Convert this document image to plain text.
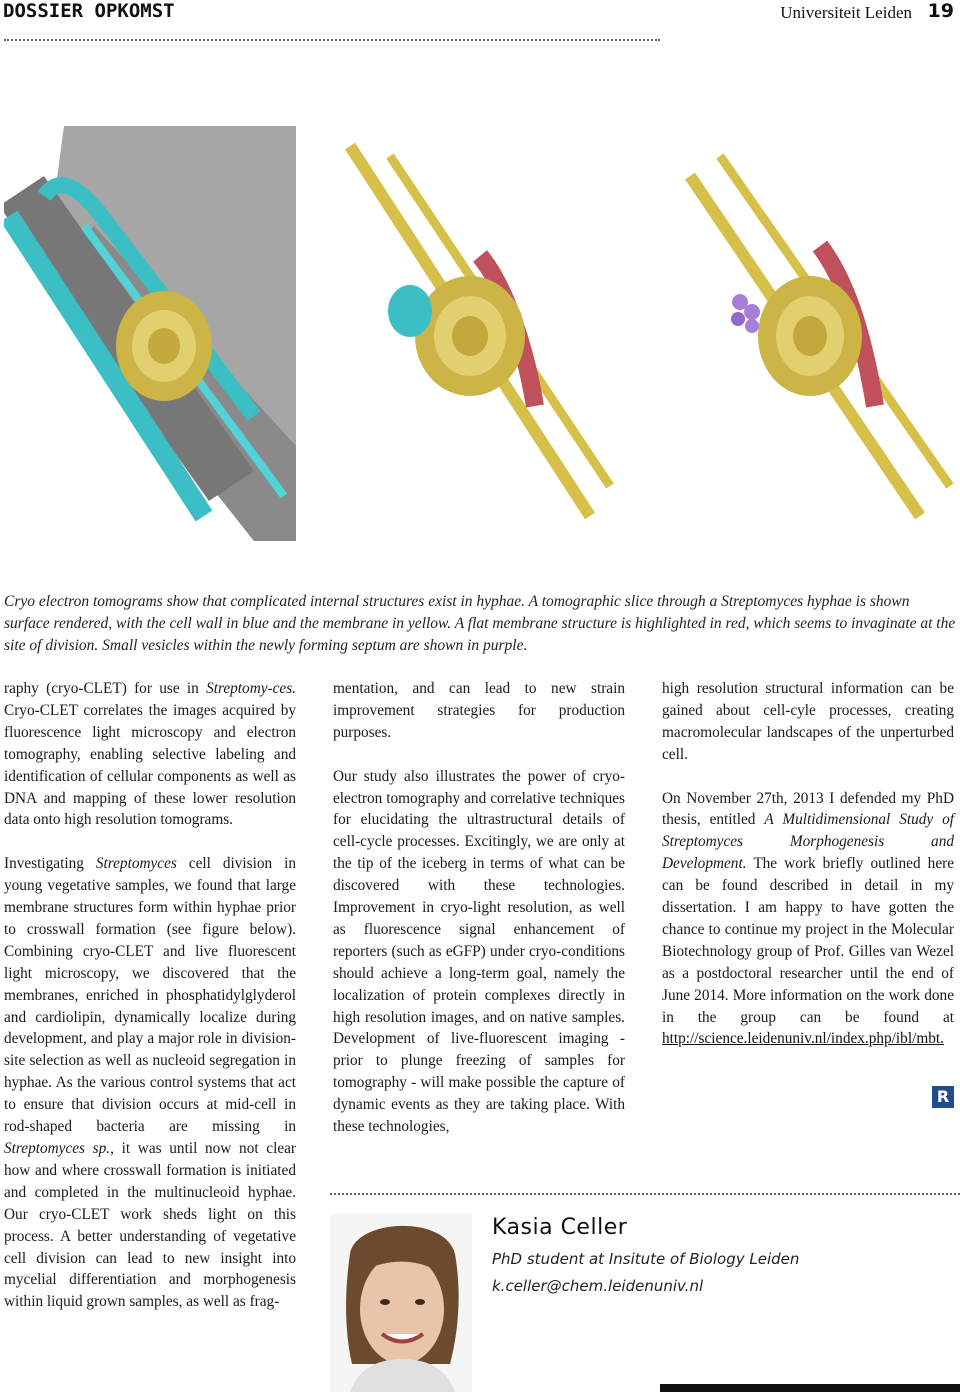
DOSSIER OPKOMST	Universiteit Leiden 19
Cryo electron tomograms show that complicated internal structures exist in hyphae. A tomographic slice through a Streptomyces hyphae is shown surface rendered, with the cell wall in blue and the membrane in yellow. A flat membrane structure is highlighted in red, which seems to invaginate at the site of division. Small vesicles within the newly forming septum are shown in purple.

raphy (cryo-CLET) for use in Streptomy-ces. Cryo-CLET correlates the images acquired by fluorescence light microscopy and electron tomography, enabling selective labeling and identification of cellular components as well as DNA and mapping of these lower resolution data onto high resolution tomograms.

Investigating Streptomyces cell division in young vegetative samples, we found that large membrane structures form within hyphae prior to crosswall formation (see figure below). Combining cryo-CLET and live fluorescent light microscopy, we discovered that the membranes, enriched in phosphatidylglyderol and cardiolipin, dynamically localize during development, and play a major role in division-site selection as well as nucleoid segregation in hyphae. As the various control systems that act to ensure that division occurs at mid-cell in rod-shaped bacteria are missing in Streptomyces sp., it was until now not clear how and where crosswall formation is initiated and completed in the multinucleoid hyphae. Our cryo-CLET work sheds light on this process. A better understanding of vegetative cell division can lead to new insight into mycelial differentiation and morphogenesis within liquid grown samples, as well as frag-

mentation, and can lead to new strain improvement strategies for production purposes.

Our study also illustrates the power of cryo-electron tomography and correlative techniques for elucidating the ultrastructural details of cell-cycle processes. Excitingly, we are only at the tip of the iceberg in terms of what can be discovered with these technologies. Improvement in cryo-light resolution, as well as fluorescence signal enhancement of reporters (such as eGFP) under cryo-conditions should achieve a long-term goal, namely the localization of protein complexes directly in high resolution images, and on native samples. Development of live-fluorescent imaging - prior to plunge freezing of samples for tomography - will make possible the capture of dynamic events as they are taking place. With these technologies,

high resolution structural information can be gained about cell-cyle processes, creating macromolecular landscapes of the unperturbed cell.

On November 27th, 2013 I defended my PhD thesis, entitled A Multidimensional Study of Streptomyces Morphogenesis and Development. The work briefly outlined here can be found described in detail in my dissertation. I am happy to have gotten the chance to continue my project in the Molecular Biotechnology group of Prof. Gilles van Wezel as a postdoctoral researcher until the end of June 2014. More information on the work done in the group can be found at http://science.leidenuniv.nl/index.php/ibl/mbt.

R
Kasia Celler
PhD student at Insitute of Biology Leiden
k.celler@chem.leidenuniv.nl
